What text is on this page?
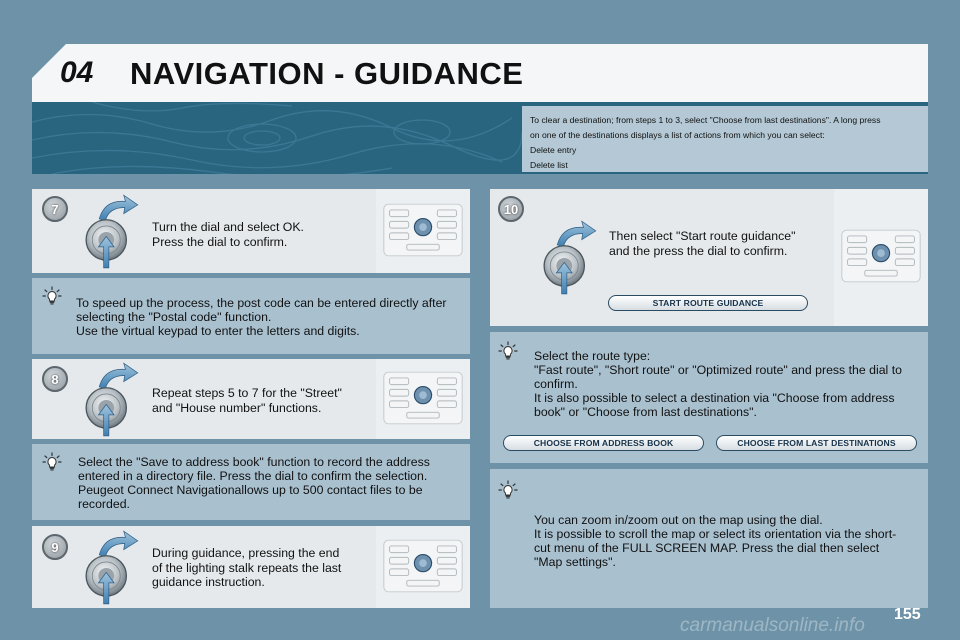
04 NAVIGATION - GUIDANCE
To clear a destination; from steps 1 to 3, select "Choose from last destinations". A long press
on one of the destinations displays a list of actions from which you can select:
Delete entry
Delete list
7
Turn the dial and select OK.
Press the dial to confirm.
To speed up the process, the post code can be entered directly after
selecting the "Postal code" function.
Use the virtual keypad to enter the letters and digits.
8
Repeat steps 5 to 7 for the "Street"
and "House number" functions.
Select the "Save to address book" function to record the address
entered in a directory file. Press the dial to confirm the selection.
Peugeot Connect Navigationallows up to 500 contact files to be
recorded.
9	During guidance, pressing the end
of the lighting stalk repeats the last
guidance instruction.
10
Then select "Start route guidance"
and the press the dial to confirm.
START ROUTE GUIDANCE
Select the route type:
"Fast route", "Short route" or "Optimized route" and press the dial to
confirm.
It is also possible to select a destination via "Choose from address
book" or "Choose from last destinations".
CHOOSE FROM ADDRESS BOOK	CHOOSE FROM LAST DESTINATIONS
You can zoom in/zoom out on the map using the dial.
It is possible to scroll the map or select its orientation via the short-
cut menu of the FULL SCREEN MAP. Press the dial then select
"Map settings".
carmanualsonline.info
155
